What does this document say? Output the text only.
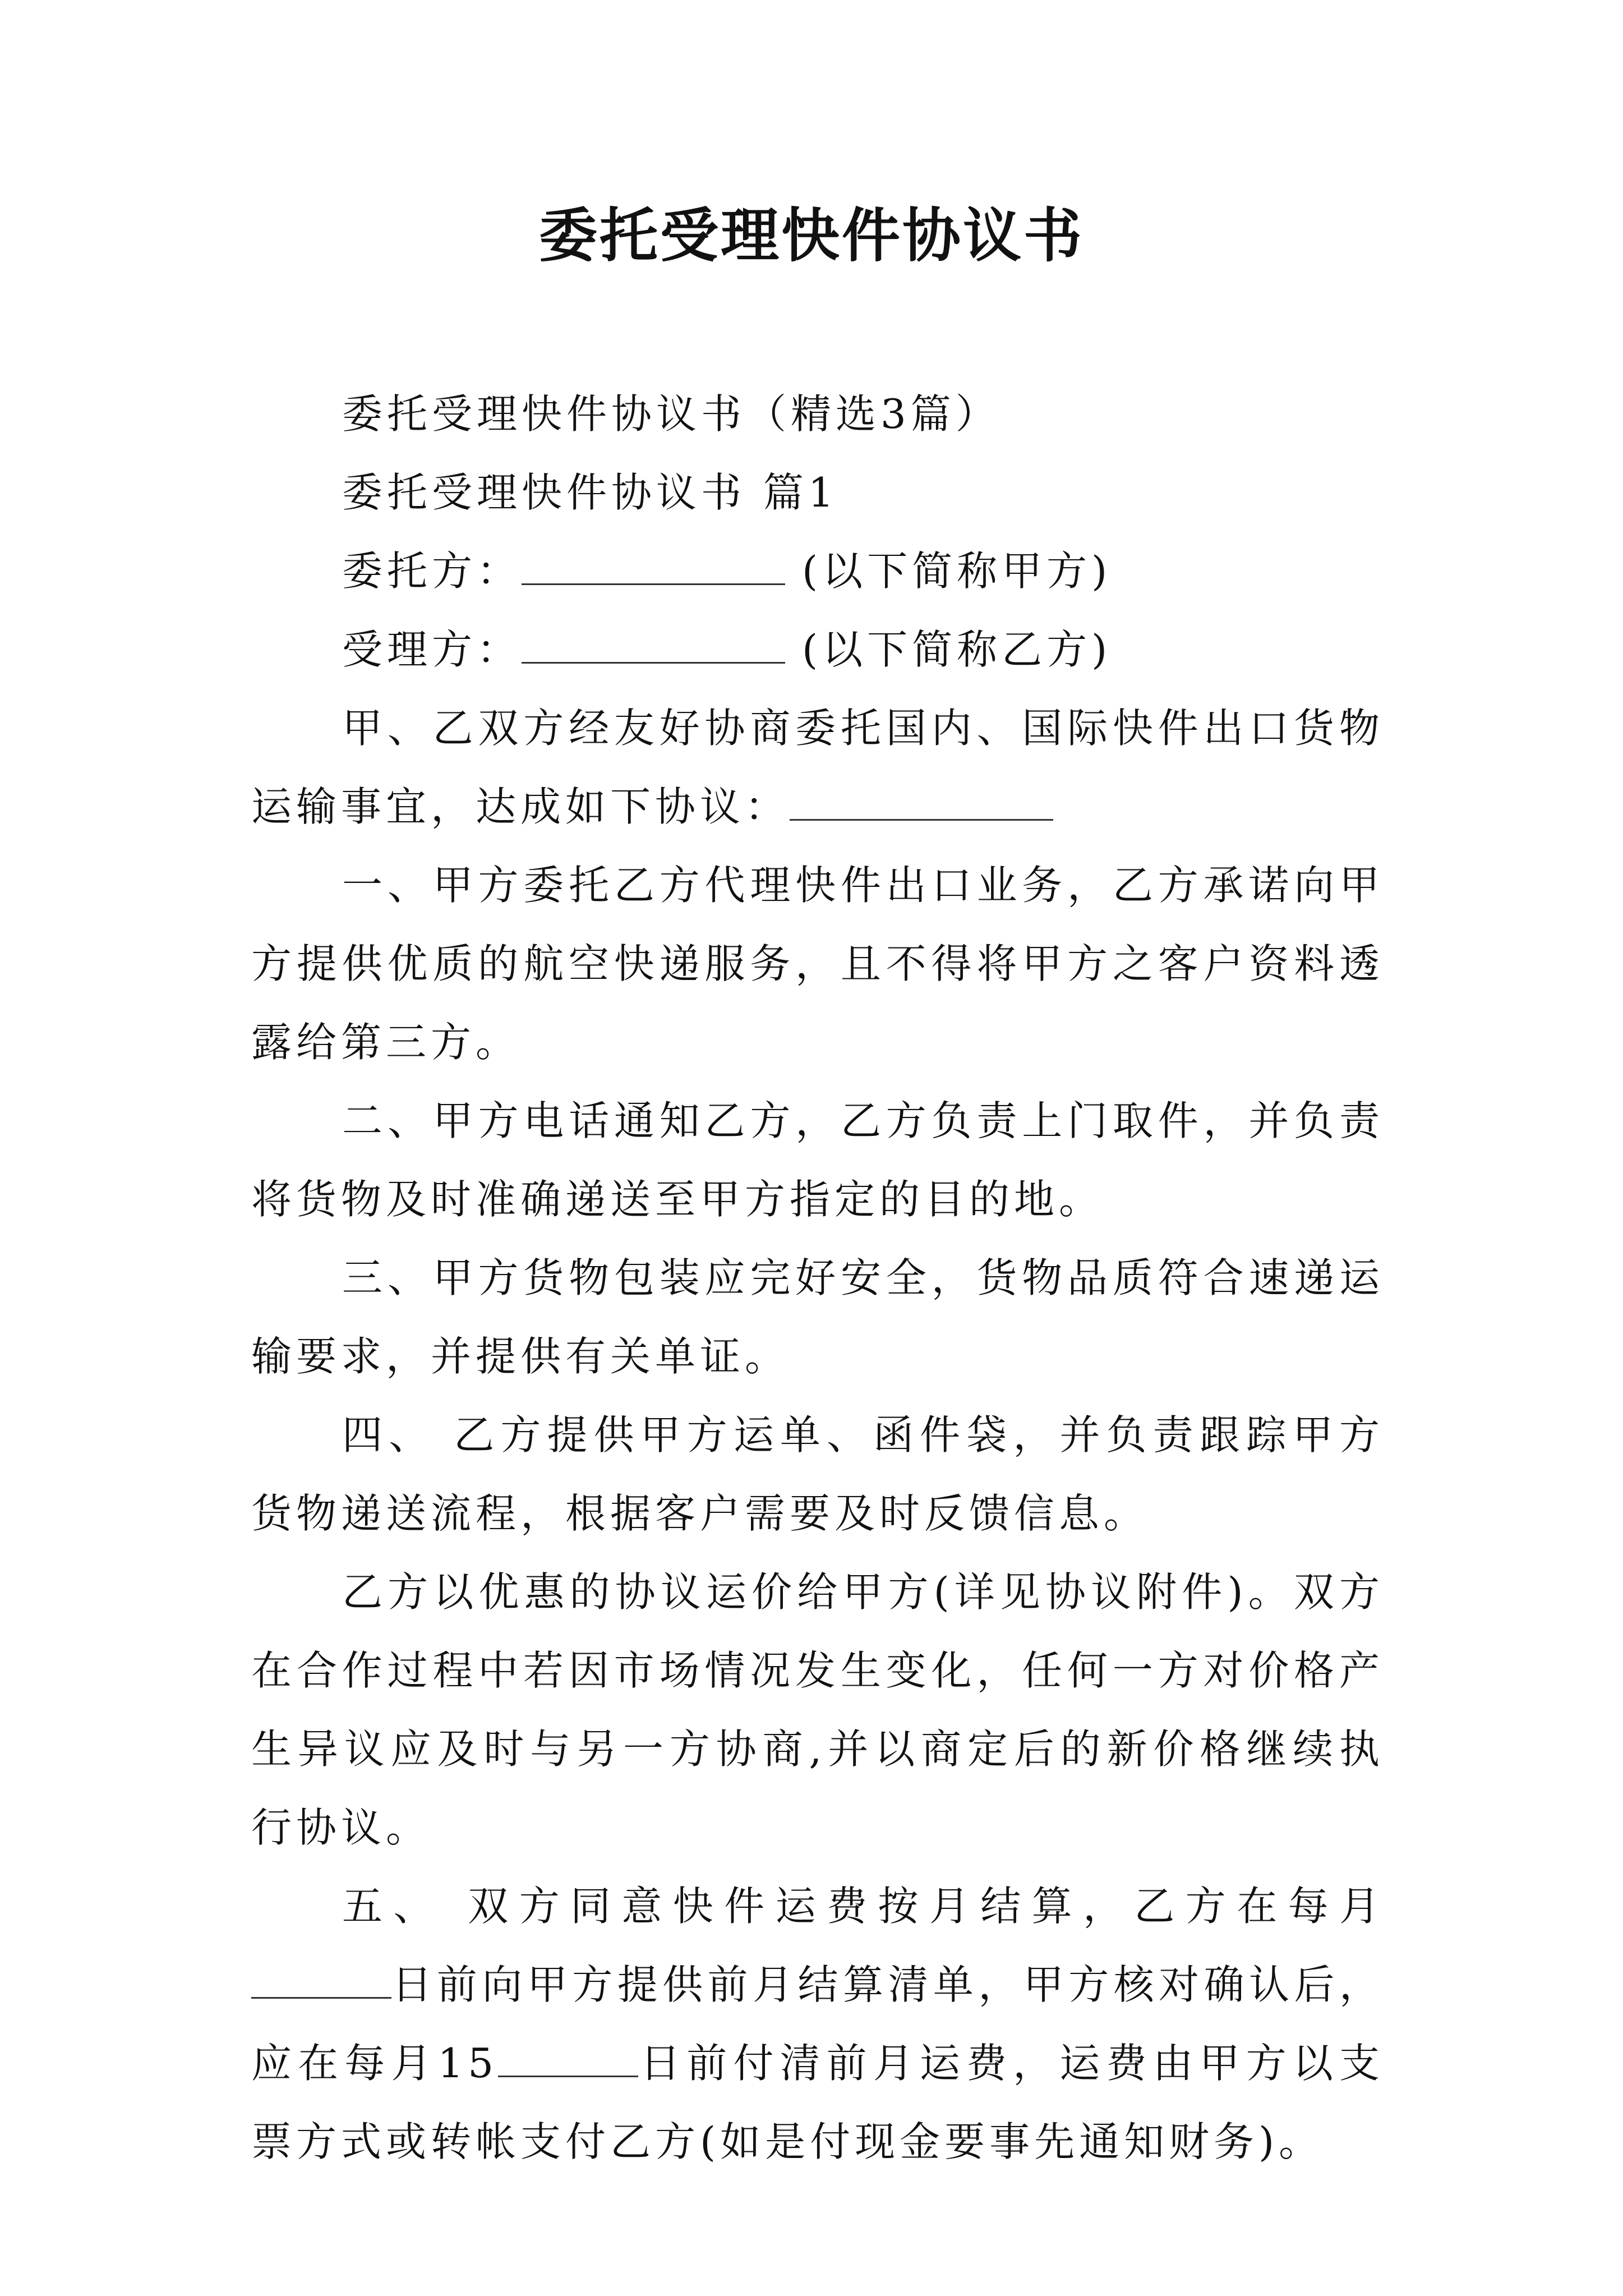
委托受理快件协议书

委托受理快件协议书（精选3篇）

委托受理快件协议书 篇1

委托方：	(以下简称甲方)

受理方：	(以下简称乙方)

甲、乙双方经友好协商委托国内、国际快件出口货物运输事宜，达成如下协议：

一、甲方委托乙方代理快件出口业务，乙方承诺向甲方提供优质的航空快递服务，且不得将甲方之客户资料透露给第三方。

二、甲方电话通知乙方，乙方负责上门取件，并负责将货物及时准确递送至甲方指定的目的地。

三、甲方货物包装应完好安全，货物品质符合速递运输要求，并提供有关单证。

四、 乙方提供甲方运单、函件袋，并负责跟踪甲方货物递送流程，根据客户需要及时反馈信息。

乙方以优惠的协议运价给甲方(详见协议附件)。双方在合作过程中若因市场情况发生变化，任何一方对价格产生异议应及时与另一方协商,并以商定后的新价格继续执行协议。

五、 双方同意快件运费按月结算，乙方在每月日前向甲方提供前月结算清单，甲方核对确认后，应在每月15	日前付清前月运费，运费由甲方以支票方式或转帐支付乙方(如是付现金要事先通知财务)。
